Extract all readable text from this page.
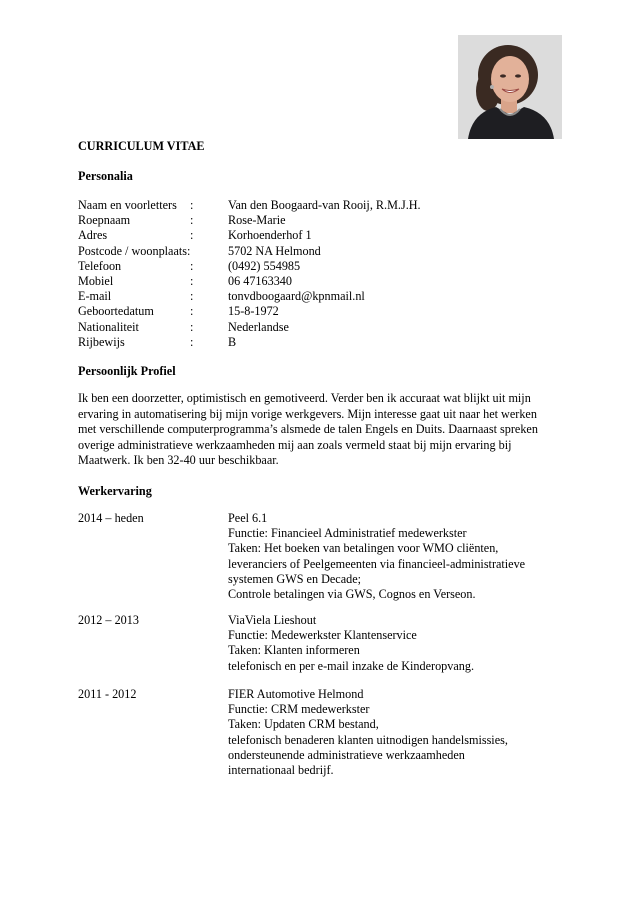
CURRICULUM VITAE
Personalia
Naam en voorletters :	Van den Boogaard-van Rooij, R.M.J.H.
Roepnaam	:	Rose-Marie
Adres	:	Korhoenderhof 1
Postcode / woonplaats:	5702 NA Helmond
Telefoon	:	(0492) 554985
Mobiel	:	06 47163340
E-mail	:	tonvdboogaard@kpnmail.nl
Geboortedatum	:	15-8-1972
Nationaliteit	:	Nederlandse
Rijbewijs	:	B
Persoonlijk Profiel
Ik ben een doorzetter, optimistisch en gemotiveerd. Verder ben ik accuraat wat blijkt uit mijn
ervaring in automatisering bij mijn vorige werkgevers. Mijn interesse gaat uit naar het werken
met verschillende computerprogramma’s alsmede de talen Engels en Duits. Daarnaast spreken
overige administratieve werkzaamheden mij aan zoals vermeld staat bij mijn ervaring bij
Maatwerk. Ik ben 32-40 uur beschikbaar.
Werkervaring
2014 – heden	Peel 6.1
Functie: Financieel Administratief medewerkster
Taken: Het boeken van betalingen voor WMO cliënten,
leveranciers of Peelgemeenten via financieel-administratieve
systemen GWS en Decade;
Controle betalingen via GWS, Cognos en Verseon.
2012 – 2013	ViaViela Lieshout
Functie: Medewerkster Klantenservice
Taken: Klanten informeren
telefonisch en per e-mail inzake de Kinderopvang.
2011 - 2012	FIER Automotive Helmond
Functie: CRM medewerkster
Taken: Updaten CRM bestand,
telefonisch benaderen klanten uitnodigen handelsmissies,
ondersteunende administratieve werkzaamheden
internationaal bedrijf.
